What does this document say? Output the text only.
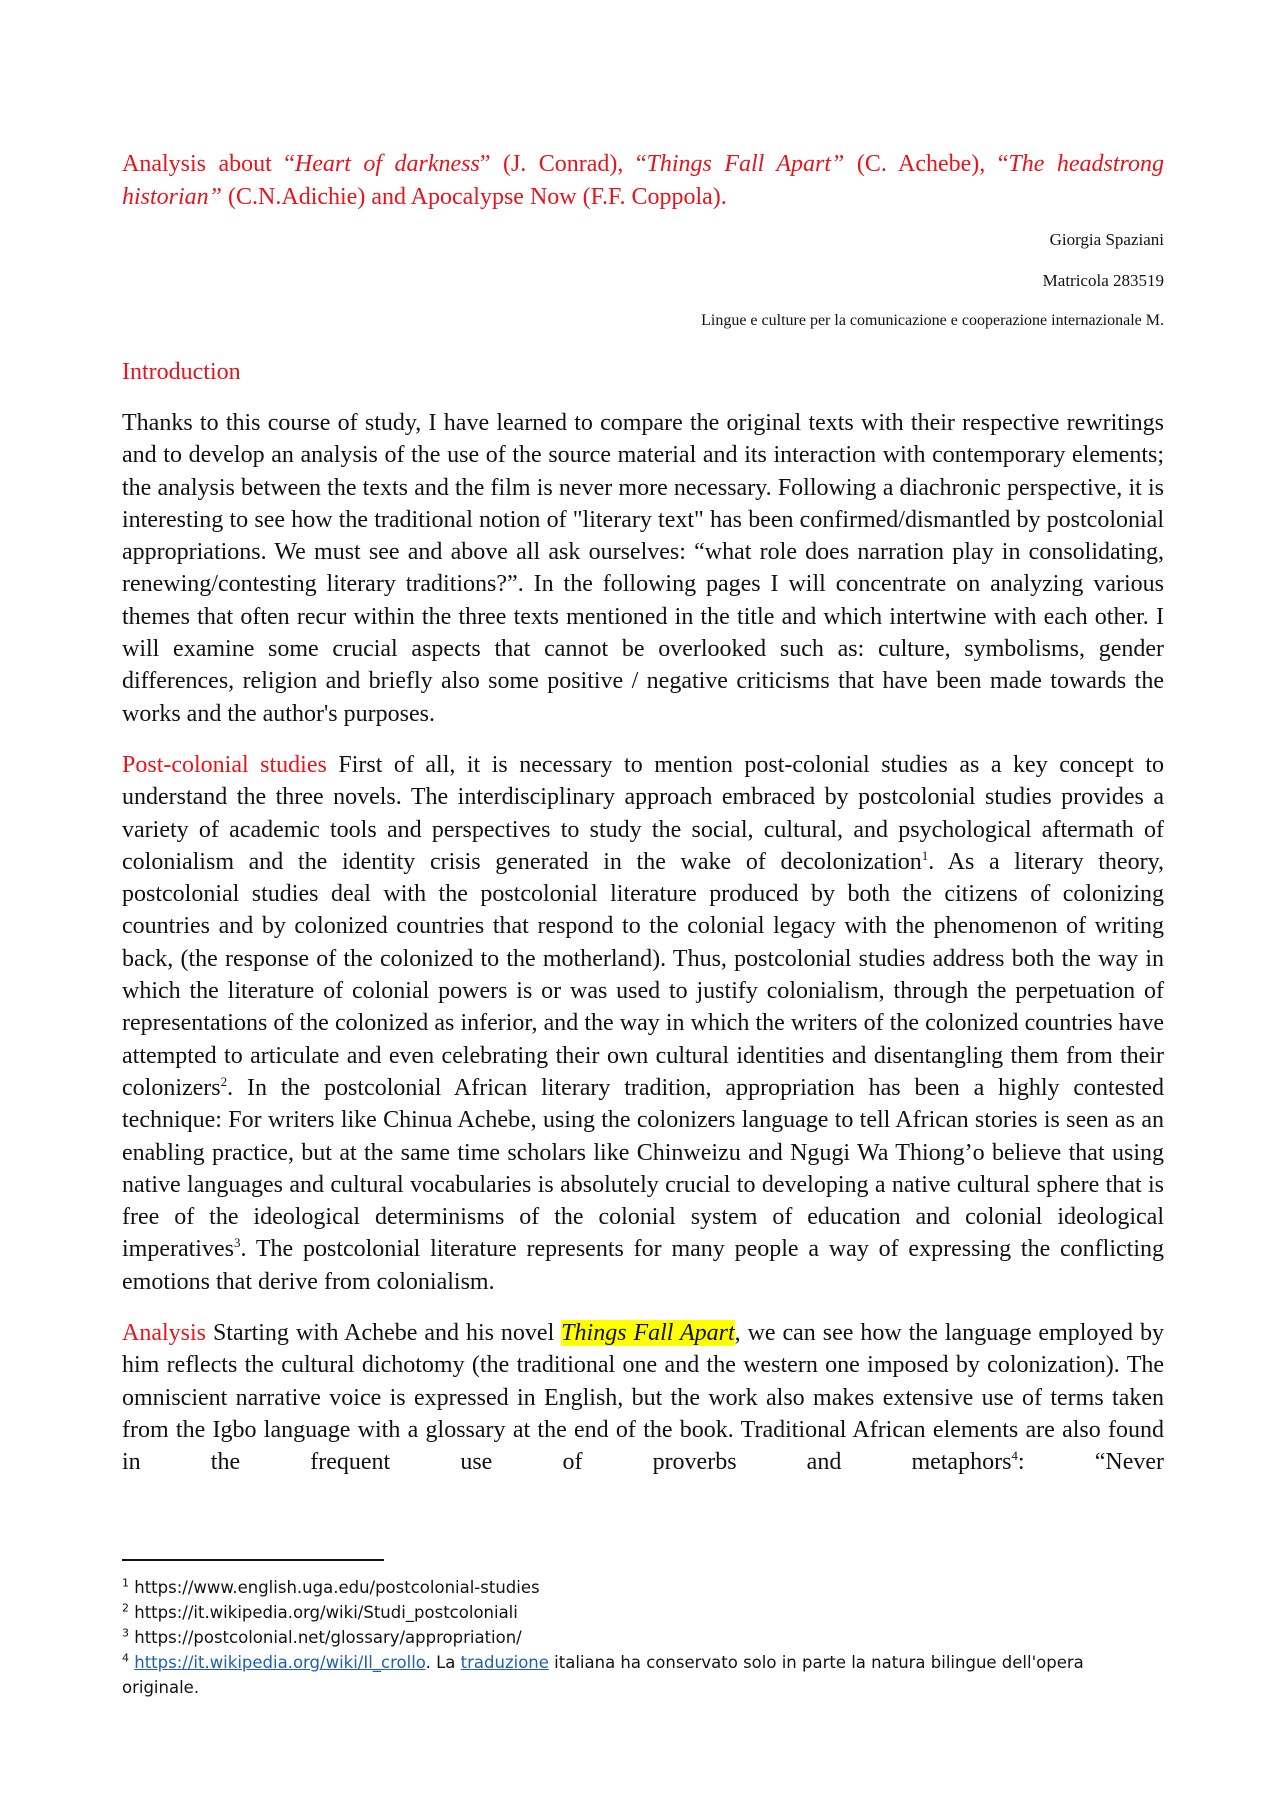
Analysis about “Heart of darkness” (J. Conrad), “Things Fall Apart” (C. Achebe), “The headstrong historian” (C.N.Adichie) and Apocalypse Now (F.F. Coppola).

Giorgia Spaziani

Matricola 283519

Lingue e culture per la comunicazione e cooperazione internazionale M.

Introduction

Thanks to this course of study, I have learned to compare the original texts with their respective rewritings and to develop an analysis of the use of the source material and its interaction with contemporary elements; the analysis between the texts and the film is never more necessary. Following a diachronic perspective, it is interesting to see how the traditional notion of "literary text" has been confirmed/dismantled by postcolonial appropriations. We must see and above all ask ourselves: “what role does narration play in consolidating, renewing/contesting literary traditions?”. In the following pages I will concentrate on analyzing various themes that often recur within the three texts mentioned in the title and which intertwine with each other. I will examine some crucial aspects that cannot be overlooked such as: culture, symbolisms, gender differences, religion and briefly also some positive / negative criticisms that have been made towards the works and the author's purposes.

Post-colonial studies First of all, it is necessary to mention post-colonial studies as a key concept to understand the three novels. The interdisciplinary approach embraced by postcolonial studies provides a variety of academic tools and perspectives to study the social, cultural, and psychological aftermath of colonialism and the identity crisis generated in the wake of decolonization$^1$. As a literary theory, postcolonial studies deal with the postcolonial literature produced by both the citizens of colonizing countries and by colonized countries that respond to the colonial legacy with the phenomenon of writing back, (the response of the colonized to the motherland). Thus, postcolonial studies address both the way in which the literature of colonial powers is or was used to justify colonialism, through the perpetuation of representations of the colonized as inferior, and the way in which the writers of the colonized countries have attempted to articulate and even celebrating their own cultural identities and disentangling them from their colonizers$^2$. In the postcolonial African literary tradition, appropriation has been a highly contested technique: For writers like Chinua Achebe, using the colonizers language to tell African stories is seen as an enabling practice, but at the same time scholars like Chinweizu and Ngugi Wa Thiong’o believe that using native languages and cultural vocabularies is absolutely crucial to developing a native cultural sphere that is free of the ideological determinisms of the colonial system of education and colonial ideological imperatives$^3$. The postcolonial literature represents for many people a way of expressing the conflicting emotions that derive from colonialism.

Analysis Starting with Achebe and his novel Things Fall Apart, we can see how the language employed by him reflects the cultural dichotomy (the traditional one and the western one imposed by colonization). The omniscient narrative voice is expressed in English, but the work also makes extensive use of terms taken from the Igbo language with a glossary at the end of the book. Traditional African elements are also found in the frequent use of proverbs and metaphors$^4$: “Never

$^1$ https://www.english.uga.edu/postcolonial-studies

$^2$ https://it.wikipedia.org/wiki/Studi_postcoloniali

$^3$ https://postcolonial.net/glossary/appropriation/

$^4$ https://it.wikipedia.org/wiki/Il_crollo. La traduzione italiana ha conservato solo in parte la natura bilingue dell'opera originale.
